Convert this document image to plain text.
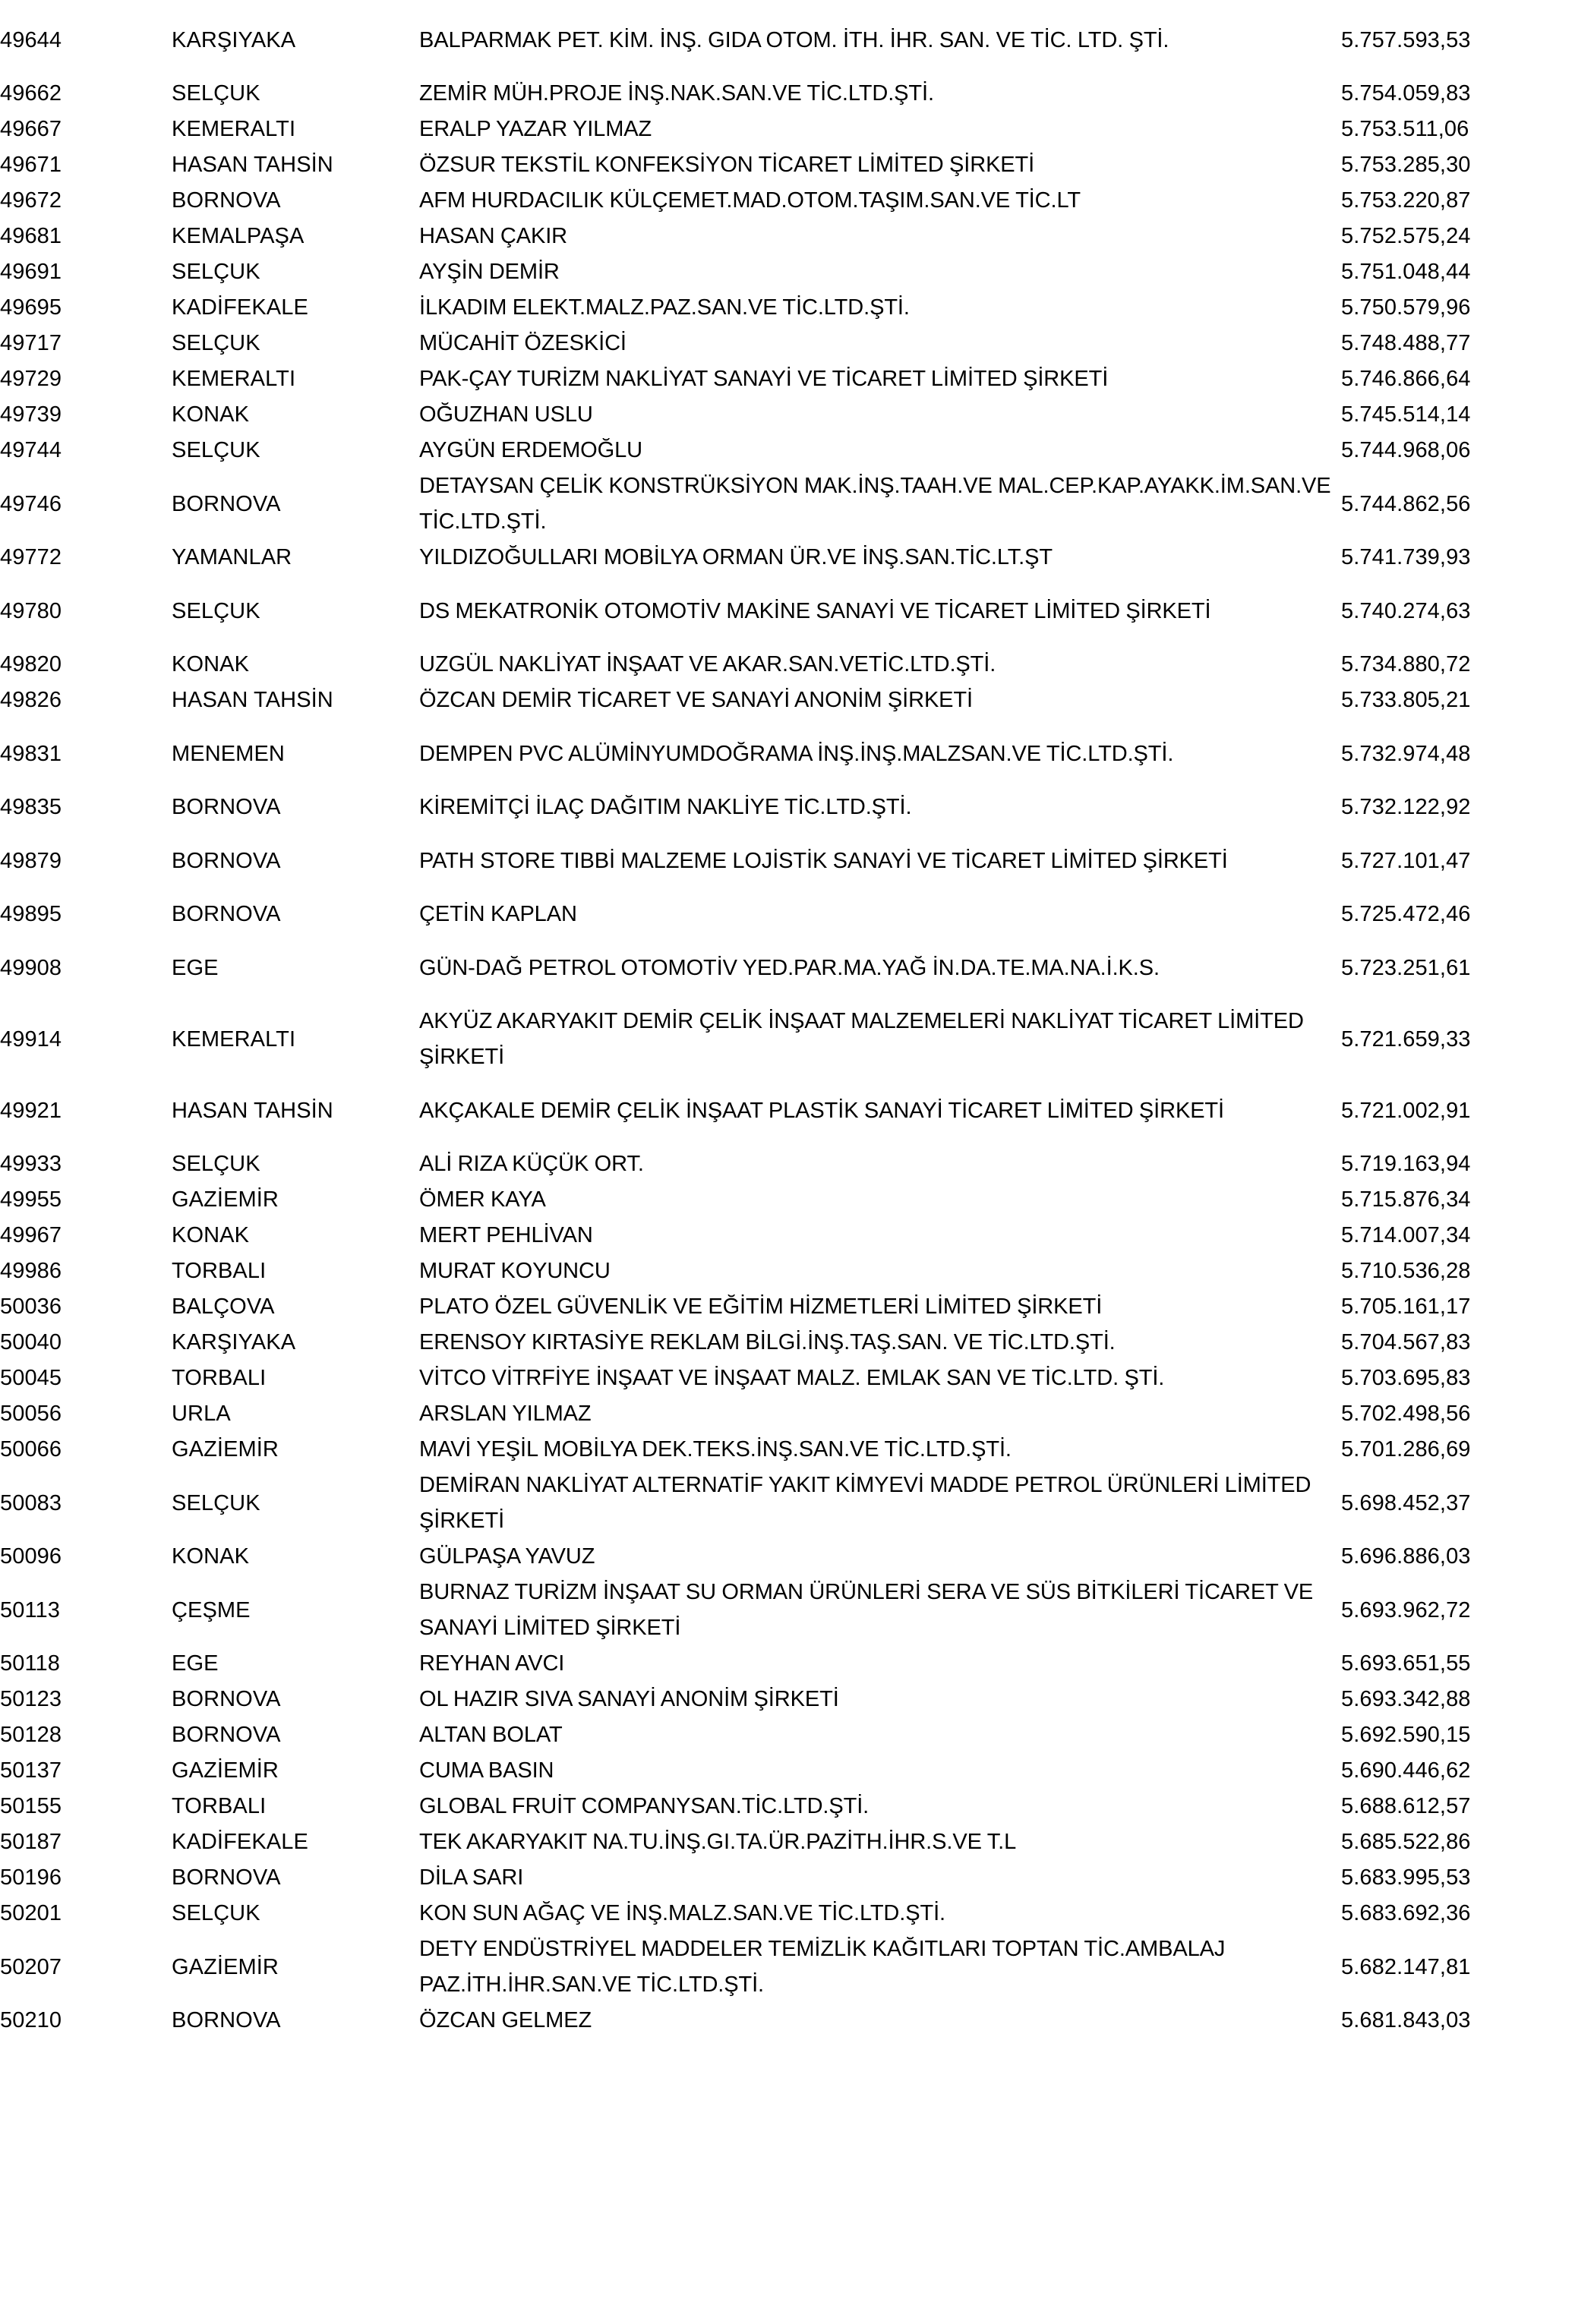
49644	KARŞIYAKA	BALPARMAK PET. KİM. İNŞ. GIDA OTOM. İTH. İHR. SAN. VE TİC. LTD. ŞTİ.	5.757.593,53
49662	SELÇUK	ZEMİR MÜH.PROJE İNŞ.NAK.SAN.VE TİC.LTD.ŞTİ.	5.754.059,83
49667	KEMERALTI	ERALP YAZAR YILMAZ	5.753.511,06
49671	HASAN TAHSİN	ÖZSUR TEKSTİL KONFEKSİYON TİCARET LİMİTED ŞİRKETİ	5.753.285,30
49672	BORNOVA	AFM HURDACILIK KÜLÇEMET.MAD.OTOM.TAŞIM.SAN.VE TİC.LT	5.753.220,87
49681	KEMALPAŞA	HASAN ÇAKIR	5.752.575,24
49691	SELÇUK	AYŞİN DEMİR	5.751.048,44
49695	KADİFEKALE	İLKADIM ELEKT.MALZ.PAZ.SAN.VE TİC.LTD.ŞTİ.	5.750.579,96
49717	SELÇUK	MÜCAHİT ÖZESKİCİ	5.748.488,77
49729	KEMERALTI	PAK-ÇAY TURİZM NAKLİYAT SANAYİ VE TİCARET LİMİTED ŞİRKETİ	5.746.866,64
49739	KONAK	OĞUZHAN USLU	5.745.514,14
49744	SELÇUK	AYGÜN ERDEMOĞLU	5.744.968,06
49746	BORNOVA	DETAYSAN ÇELİK KONSTRÜKSİYON MAK.İNŞ.TAAH.VE MAL.CEP.KAP.AYAKK.İM.SAN.VE TİC.LTD.ŞTİ.	5.744.862,56
49772	YAMANLAR	YILDIZOĞULLARI MOBİLYA ORMAN ÜR.VE İNŞ.SAN.TİC.LT.ŞT	5.741.739,93
49780	SELÇUK	DS MEKATRONİK OTOMOTİV MAKİNE SANAYİ VE TİCARET LİMİTED ŞİRKETİ	5.740.274,63
49820	KONAK	UZGÜL NAKLİYAT İNŞAAT VE AKAR.SAN.VETİC.LTD.ŞTİ.	5.734.880,72
49826	HASAN TAHSİN	ÖZCAN DEMİR TİCARET VE SANAYİ ANONİM ŞİRKETİ	5.733.805,21
49831	MENEMEN	DEMPEN PVC ALÜMİNYUMDOĞRAMA İNŞ.İNŞ.MALZSAN.VE TİC.LTD.ŞTİ.	5.732.974,48
49835	BORNOVA	KİREMİTÇİ İLAÇ DAĞITIM NAKLİYE TİC.LTD.ŞTİ.	5.732.122,92
49879	BORNOVA	PATH STORE TIBBİ MALZEME LOJİSTİK SANAYİ VE TİCARET LİMİTED ŞİRKETİ	5.727.101,47
49895	BORNOVA	ÇETİN KAPLAN	5.725.472,46
49908	EGE	GÜN-DAĞ PETROL OTOMOTİV YED.PAR.MA.YAĞ İN.DA.TE.MA.NA.İ.K.S.	5.723.251,61
49914	KEMERALTI	AKYÜZ AKARYAKIT DEMİR ÇELİK İNŞAAT MALZEMELERİ NAKLİYAT TİCARET LİMİTED ŞİRKETİ	5.721.659,33
49921	HASAN TAHSİN	AKÇAKALE DEMİR ÇELİK İNŞAAT PLASTİK SANAYİ TİCARET LİMİTED ŞİRKETİ	5.721.002,91
49933	SELÇUK	ALİ RIZA KÜÇÜK ORT.	5.719.163,94
49955	GAZİEMİR	ÖMER KAYA	5.715.876,34
49967	KONAK	MERT PEHLİVAN	5.714.007,34
49986	TORBALI	MURAT KOYUNCU	5.710.536,28
50036	BALÇOVA	PLATO ÖZEL GÜVENLİK VE EĞİTİM HİZMETLERİ LİMİTED ŞİRKETİ	5.705.161,17
50040	KARŞIYAKA	ERENSOY KIRTASİYE REKLAM BİLGİ.İNŞ.TAŞ.SAN. VE TİC.LTD.ŞTİ.	5.704.567,83
50045	TORBALI	VİTCO VİTRFİYE İNŞAAT VE İNŞAAT MALZ. EMLAK SAN VE TİC.LTD. ŞTİ.	5.703.695,83
50056	URLA	ARSLAN YILMAZ	5.702.498,56
50066	GAZİEMİR	MAVİ YEŞİL MOBİLYA DEK.TEKS.İNŞ.SAN.VE TİC.LTD.ŞTİ.	5.701.286,69
50083	SELÇUK	DEMİRAN NAKLİYAT ALTERNATİF YAKIT KİMYEVİ MADDE PETROL ÜRÜNLERİ LİMİTED ŞİRKETİ	5.698.452,37
50096	KONAK	GÜLPAŞA YAVUZ	5.696.886,03
50113	ÇEŞME	BURNAZ TURİZM İNŞAAT SU ORMAN ÜRÜNLERİ SERA VE SÜS BİTKİLERİ TİCARET VE SANAYİ LİMİTED ŞİRKETİ	5.693.962,72
50118	EGE	REYHAN AVCI	5.693.651,55
50123	BORNOVA	OL HAZIR SIVA SANAYİ ANONİM ŞİRKETİ	5.693.342,88
50128	BORNOVA	ALTAN BOLAT	5.692.590,15
50137	GAZİEMİR	CUMA BASIN	5.690.446,62
50155	TORBALI	GLOBAL FRUİT COMPANYSAN.TİC.LTD.ŞTİ.	5.688.612,57
50187	KADİFEKALE	TEK AKARYAKIT NA.TU.İNŞ.GI.TA.ÜR.PAZİTH.İHR.S.VE T.L	5.685.522,86
50196	BORNOVA	DİLA SARI	5.683.995,53
50201	SELÇUK	KON SUN AĞAÇ VE İNŞ.MALZ.SAN.VE TİC.LTD.ŞTİ.	5.683.692,36
50207	GAZİEMİR	DETY ENDÜSTRİYEL MADDELER TEMİZLİK KAĞITLARI TOPTAN TİC.AMBALAJ PAZ.İTH.İHR.SAN.VE TİC.LTD.ŞTİ.	5.682.147,81
50210	BORNOVA	ÖZCAN GELMEZ	5.681.843,03
